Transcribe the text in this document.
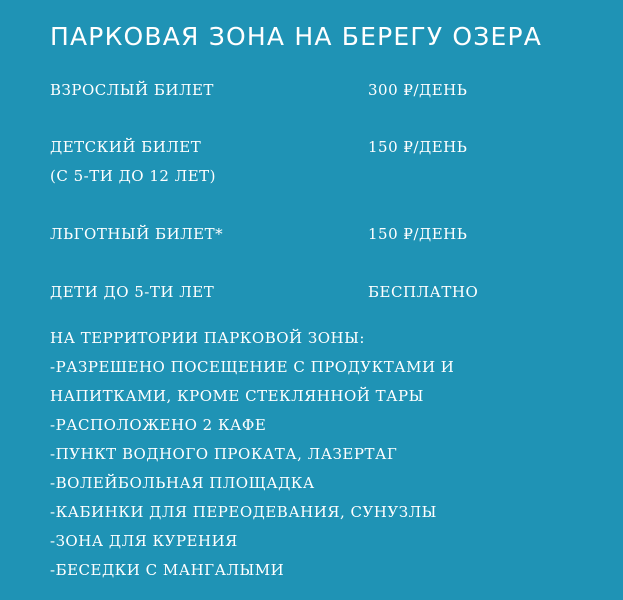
ПАРКОВАЯ ЗОНА НА БЕРЕГУ ОЗЕРА
ВЗРОСЛЫЙ БИЛЕТ	300 ₽/ДЕНЬ
ДЕТСКИЙ БИЛЕТ	150 ₽/ДЕНЬ
(С 5-ТИ ДО 12 ЛЕТ)
ЛЬГОТНЫЙ БИЛЕТ*	150 ₽/ДЕНЬ
ДЕТИ ДО 5-ТИ ЛЕТ	БЕСПЛАТНО
НА ТЕРРИТОРИИ ПАРКОВОЙ ЗОНЫ:
-РАЗРЕШЕНО ПОСЕЩЕНИЕ С ПРОДУКТАМИ И
НАПИТКАМИ, КРОМЕ СТЕКЛЯННОЙ ТАРЫ
-РАСПОЛОЖЕНО 2 КАФЕ
-ПУНКТ ВОДНОГО ПРОКАТА, ЛАЗЕРТАГ
-ВОЛЕЙБОЛЬНАЯ ПЛОЩАДКА
-КАБИНКИ ДЛЯ ПЕРЕОДЕВАНИЯ, СУНУЗЛЫ
-ЗОНА ДЛЯ КУРЕНИЯ
-БЕСЕДКИ С МАНГАЛЫМИ
